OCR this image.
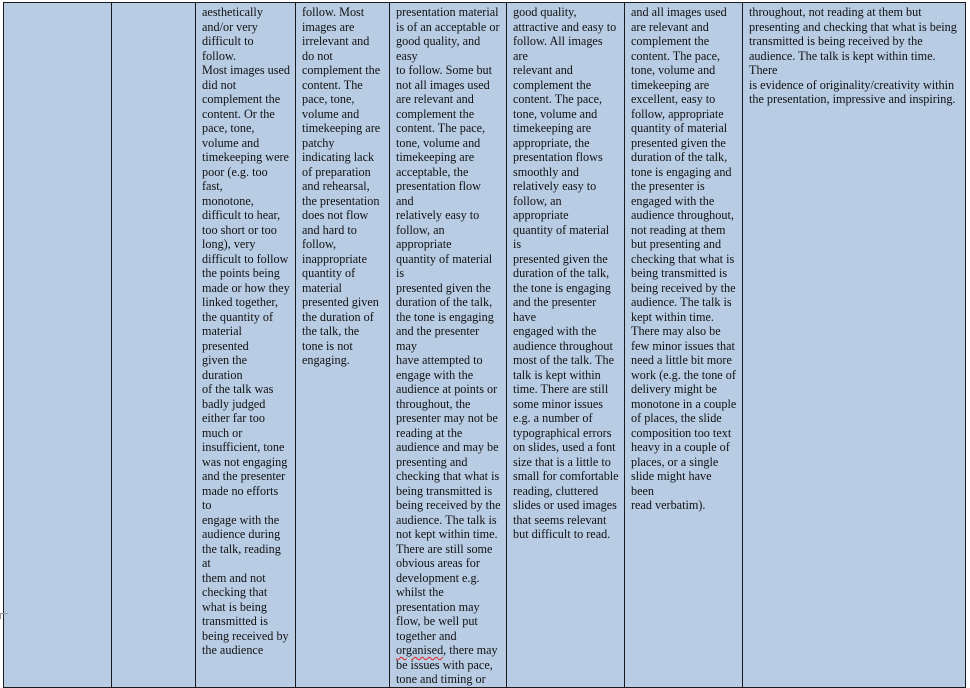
aesthetically
and/or very
difficult to follow.
Most images used
did not
complement the
content. Or the
pace, tone,
volume and
timekeeping were
poor (e.g. too fast,
monotone,
difficult to hear,
too short or too
long), very
difficult to follow
the points being
made or how they
linked together,
the quantity of
material presented
given the duration
of the talk was
badly judged
either far too
much or
insufficient, tone
was not engaging
and the presenter
made no efforts to
engage with the
audience during
the talk, reading at
them and not
checking that
what is being
transmitted is
being received by
the audience

follow. Most
images are
irrelevant and
do not
complement the
content. The
pace, tone,
volume and
timekeeping are
patchy
indicating lack
of preparation
and rehearsal,
the presentation
does not flow
and hard to
follow,
inappropriate
quantity of
material
presented given
the duration of
the talk, the
tone is not
engaging.

presentation material
is of an acceptable or
good quality, and easy
to follow. Some but
not all images used
are relevant and
complement the
content. The pace,
tone, volume and
timekeeping are
acceptable, the
presentation flow and
relatively easy to
follow, an appropriate
quantity of material is
presented given the
duration of the talk,
the tone is engaging
and the presenter may
have attempted to
engage with the
audience at points or
throughout, the
presenter may not be
reading at the
audience and may be
presenting and
checking that what is
being transmitted is
being received by the
audience. The talk is
not kept within time.
There are still some
obvious areas for
development e.g.
whilst the
presentation may
flow, be well put
together and
organised, there may
be issues with pace,
tone and timing or

good quality,
attractive and easy to
follow. All images are
relevant and
complement the
content. The pace,
tone, volume and
timekeeping are
appropriate, the
presentation flows
smoothly and
relatively easy to
follow, an appropriate
quantity of material is
presented given the
duration of the talk,
the tone is engaging
and the presenter have
engaged with the
audience throughout
most of the talk. The
talk is kept within
time. There are still
some minor issues
e.g. a number of
typographical errors
on slides, used a font
size that is a little to
small for comfortable
reading, cluttered
slides or used images
that seems relevant
but difficult to read.

and all images used
are relevant and
complement the
content. The pace,
tone, volume and
timekeeping are
excellent, easy to
follow, appropriate
quantity of material
presented given the
duration of the talk,
tone is engaging and
the presenter is
engaged with the
audience throughout,
not reading at them
but presenting and
checking that what is
being transmitted is
being received by the
audience. The talk is
kept within time.
There may also be
few minor issues that
need a little bit more
work (e.g. the tone of
delivery might be
monotone in a couple
of places, the slide
composition too text
heavy in a couple of
places, or a single
slide might have been
read verbatim).

throughout, not reading at them but
presenting and checking that what is being
transmitted is being received by the
audience. The talk is kept within time. There
is evidence of originality/creativity within
the presentation, impressive and inspiring.
